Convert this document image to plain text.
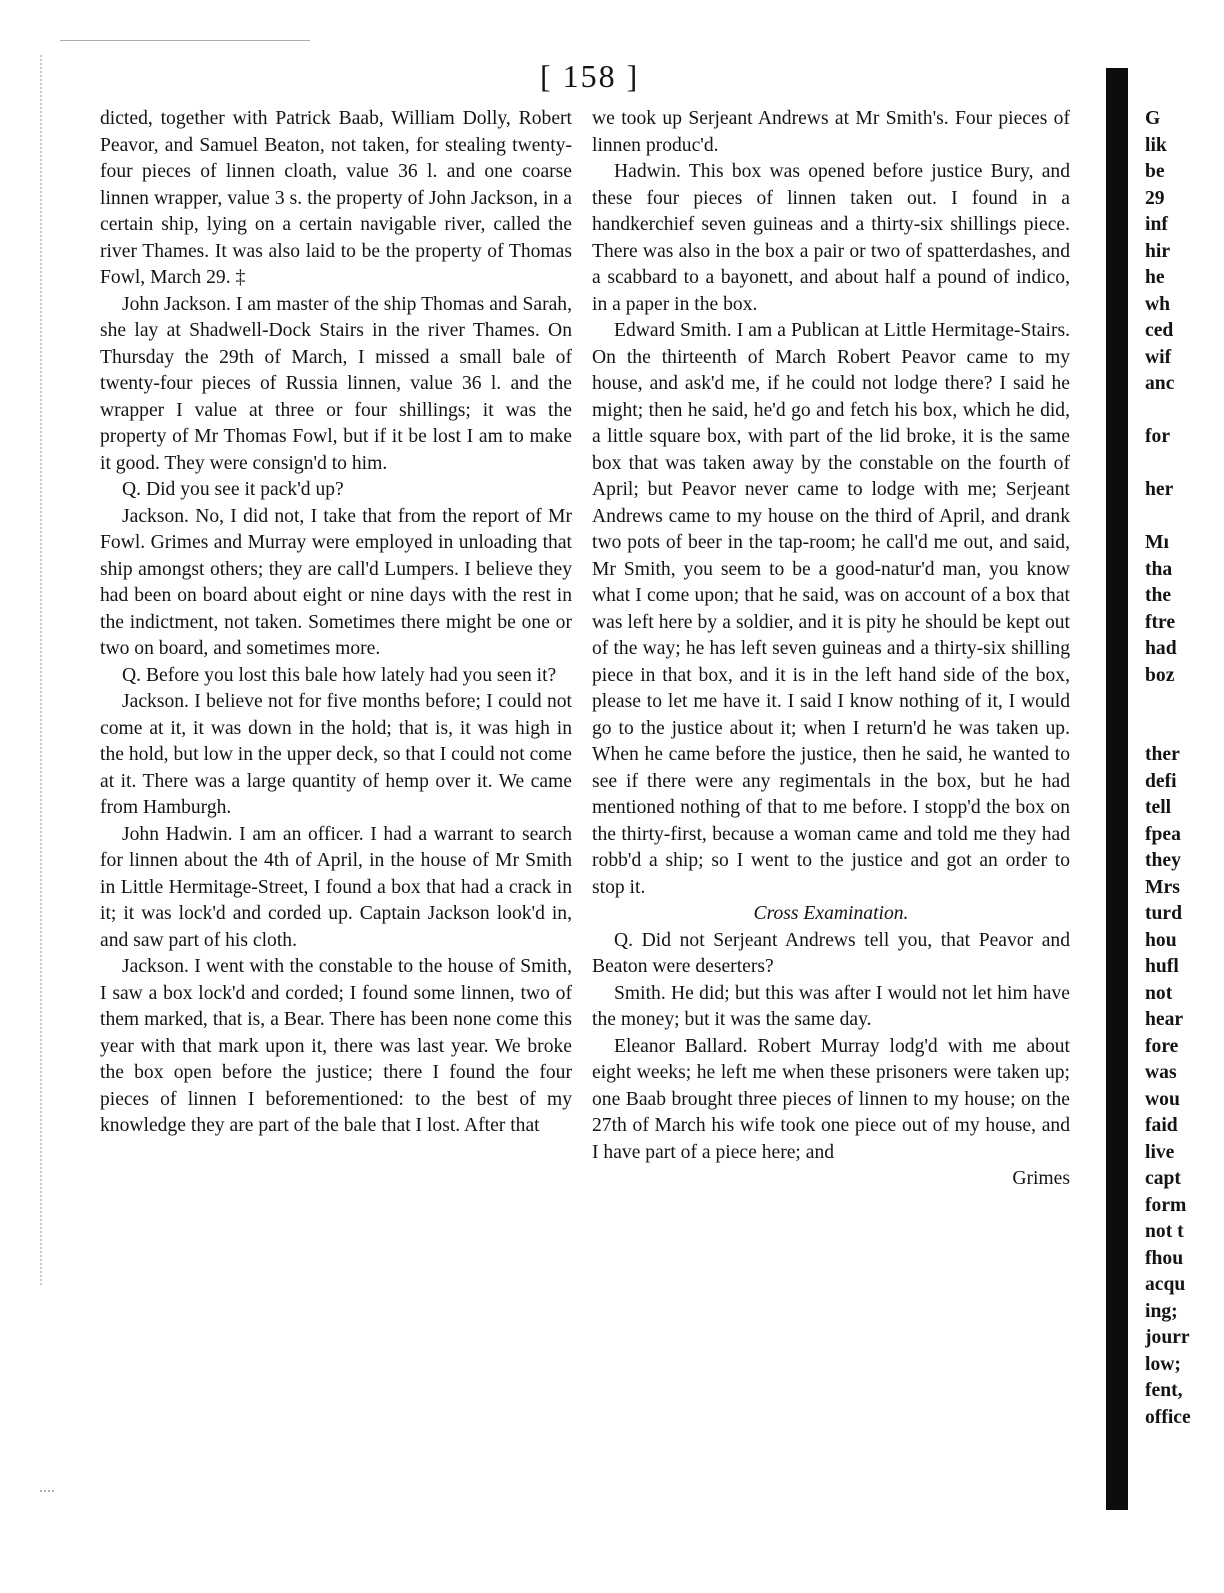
[ 158 ]

dicted, together with Patrick Baab, William Dolly, Robert Peavor, and Samuel Beaton, not taken, for stealing twenty-four pieces of linnen cloath, value 36 l. and one coarse linnen wrapper, value 3 s. the property of John Jackson, in a certain ship, lying on a certain navigable river, called the river Thames. It was also laid to be the property of Thomas Fowl, March 29. ‡

John Jackson. I am master of the ship Thomas and Sarah, she lay at Shadwell-Dock Stairs in the river Thames. On Thursday the 29th of March, I missed a small bale of twenty-four pieces of Russia linnen, value 36 l. and the wrapper I value at three or four shillings; it was the property of Mr Thomas Fowl, but if it be lost I am to make it good. They were consign'd to him.

Q. Did you see it pack'd up?

Jackson. No, I did not, I take that from the report of Mr Fowl. Grimes and Murray were employed in unloading that ship amongst others; they are call'd Lumpers. I believe they had been on board about eight or nine days with the rest in the indictment, not taken. Sometimes there might be one or two on board, and sometimes more.

Q. Before you lost this bale how lately had you seen it?

Jackson. I believe not for five months before; I could not come at it, it was down in the hold; that is, it was high in the hold, but low in the upper deck, so that I could not come at it. There was a large quantity of hemp over it. We came from Hamburgh.

John Hadwin. I am an officer. I had a warrant to search for linnen about the 4th of April, in the house of Mr Smith in Little Hermitage-Street, I found a box that had a crack in it; it was lock'd and corded up. Captain Jackson look'd in, and saw part of his cloth.

Jackson. I went with the constable to the house of Smith, I saw a box lock'd and corded; I found some linnen, two of them marked, that is, a Bear. There has been none come this year with that mark upon it, there was last year. We broke the box open before the justice; there I found the four pieces of linnen I beforementioned: to the best of my knowledge they are part of the bale that I lost. After that

we took up Serjeant Andrews at Mr Smith's. Four pieces of linnen produc'd.

Hadwin. This box was opened before justice Bury, and these four pieces of linnen taken out. I found in a handkerchief seven guineas and a thirty-six shillings piece. There was also in the box a pair or two of spatterdashes, and a scabbard to a bayonett, and about half a pound of indico, in a paper in the box.

Edward Smith. I am a Publican at Little Hermitage-Stairs. On the thirteenth of March Robert Peavor came to my house, and ask'd me, if he could not lodge there? I said he might; then he said, he'd go and fetch his box, which he did, a little square box, with part of the lid broke, it is the same box that was taken away by the constable on the fourth of April; but Peavor never came to lodge with me; Serjeant Andrews came to my house on the third of April, and drank two pots of beer in the tap-room; he call'd me out, and said, Mr Smith, you seem to be a good-natur'd man, you know what I come upon; that he said, was on account of a box that was left here by a soldier, and it is pity he should be kept out of the way; he has left seven guineas and a thirty-six shilling piece in that box, and it is in the left hand side of the box, please to let me have it. I said I know nothing of it, I would go to the justice about it; when I return'd he was taken up. When he came before the justice, then he said, he wanted to see if there were any regimentals in the box, but he had mentioned nothing of that to me before. I stopp'd the box on the thirty-first, because a woman came and told me they had robb'd a ship; so I went to the justice and got an order to stop it.

Cross Examination.

Q. Did not Serjeant Andrews tell you, that Peavor and Beaton were deserters?

Smith. He did; but this was after I would not let him have the money; but it was the same day.

Eleanor Ballard. Robert Murray lodg'd with me about eight weeks; he left me when these prisoners were taken up; one Baab brought three pieces of linnen to my house; on the 27th of March his wife took one piece out of my house, and I have part of a piece here; and

Grimes

G
lik
be
29
inf
hir
he
wh
ced
wif
anc
for
her
Mı
tha
the
ftre
had
boz
ther
defi
tell
fpea
they
Mrs
turd
hou
hufl
not
hear
fore
was
wou
faid
live
capt
form
not t
fhou
acqu
ing;
jourr
low;
fent,
office
